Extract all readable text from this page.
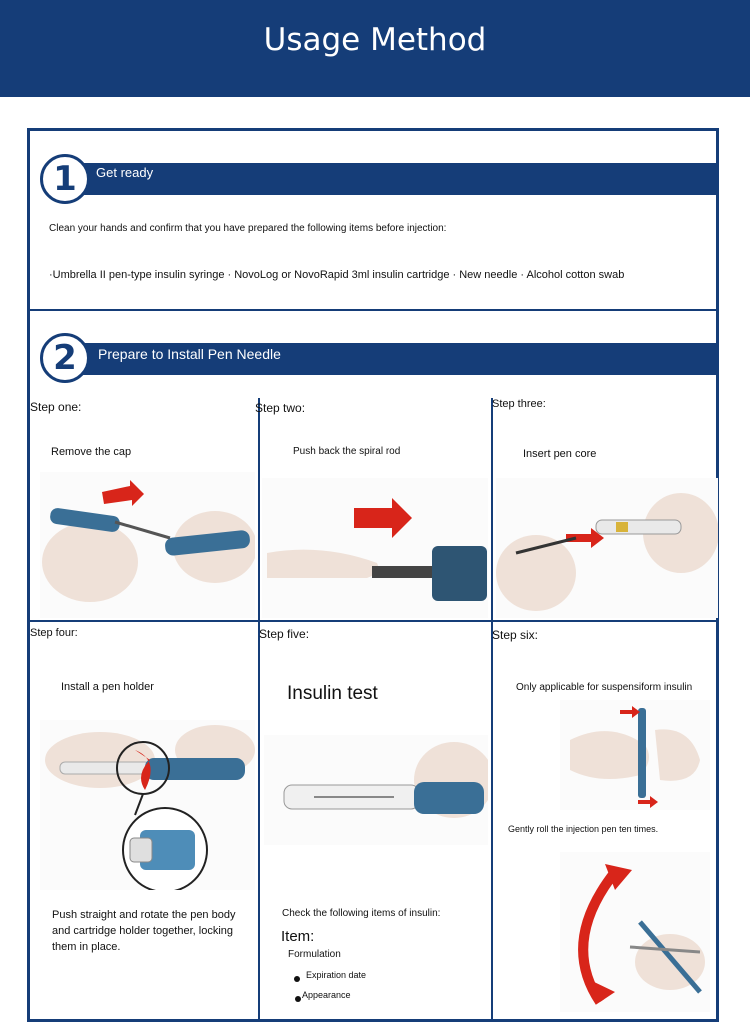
Usage Method
1	Get ready
Clean your hands and confirm that you have prepared the following items before injection:
·Umbrella II pen-type insulin syringe · NovoLog or NovoRapid 3ml insulin cartridge · New needle · Alcohol cotton swab
2	Prepare to Install Pen Needle
Step one:
Remove the cap
Step two:
Push back the spiral rod
Step three:
Insert pen core
Step four:
Install a pen holder
Push straight and rotate the pen body and cartridge holder together, locking them in place.
Step five:
Insulin test
Check the following items of insulin:
Item:
Formulation
Expiration date
Appearance
Step six:
Only applicable for suspensiform insulin
Gently roll the injection pen ten times.
